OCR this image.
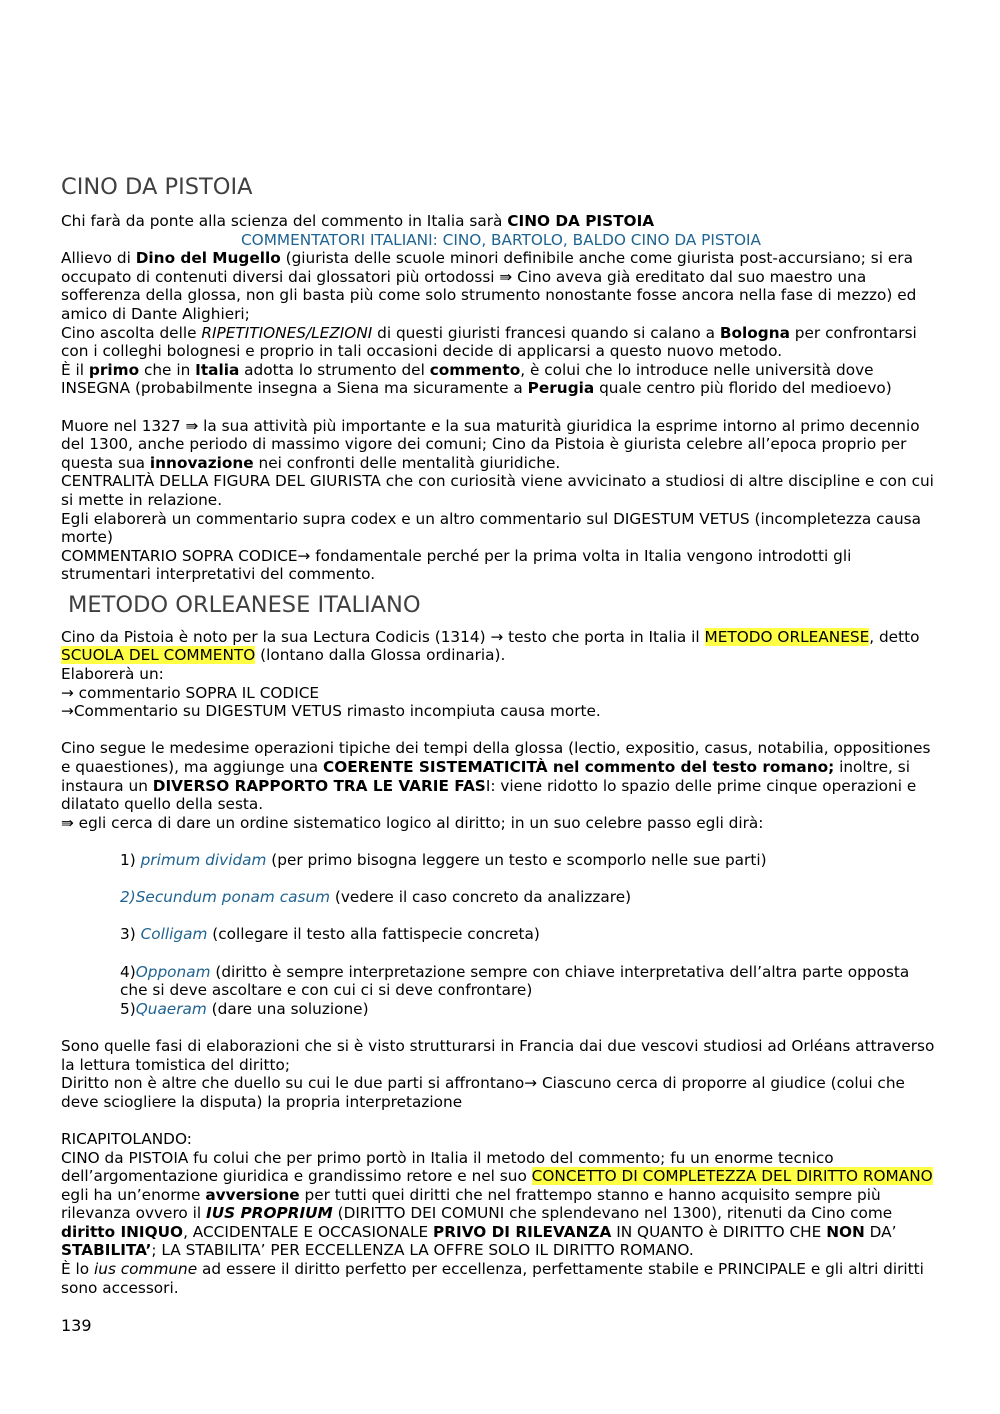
CINO DA PISTOIA

Chi farà da ponte alla scienza del commento in Italia sarà CINO DA PISTOIA

COMMENTATORI ITALIANI: CINO, BARTOLO, BALDO CINO DA PISTOIA

Allievo di Dino del Mugello (giurista delle scuole minori definibile anche come giurista post-accursiano; si era occupato di contenuti diversi dai glossatori più ortodossi ⇛ Cino aveva già ereditato dal suo maestro una sofferenza della glossa, non gli basta più come solo strumento nonostante fosse ancora nella fase di mezzo) ed amico di Dante Alighieri;

Cino ascolta delle RIPETITIONES/LEZIONI di questi giuristi francesi quando si calano a Bologna per confrontarsi con i colleghi bolognesi e proprio in tali occasioni decide di applicarsi a questo nuovo metodo.

È il primo che in Italia adotta lo strumento del commento, è colui che lo introduce nelle università dove INSEGNA (probabilmente insegna a Siena ma sicuramente a Perugia quale centro più florido del medioevo)

Muore nel 1327 ⇛ la sua attività più importante e la sua maturità giuridica la esprime intorno al primo decennio del 1300, anche periodo di massimo vigore dei comuni; Cino da Pistoia è giurista celebre all’epoca proprio per questa sua innovazione nei confronti delle mentalità giuridiche.

CENTRALITÀ DELLA FIGURA DEL GIURISTA che con curiosità viene avvicinato a studiosi di altre discipline e con cui si mette in relazione.

Egli elaborerà un commentario supra codex e un altro commentario sul DIGESTUM VETUS (incompletezza causa morte)

COMMENTARIO SOPRA CODICE→ fondamentale perché per la prima volta in Italia vengono introdotti gli strumentari interpretativi del commento.

METODO ORLEANESE ITALIANO

Cino da Pistoia è noto per la sua Lectura Codicis (1314) → testo che porta in Italia il METODO ORLEANESE, detto SCUOLA DEL COMMENTO (lontano dalla Glossa ordinaria).

Elaborerà un:

→ commentario SOPRA IL CODICE

→Commentario su DIGESTUM VETUS rimasto incompiuta causa morte.

Cino segue le medesime operazioni tipiche dei tempi della glossa (lectio, expositio, casus, notabilia, oppositiones e quaestiones), ma aggiunge una COERENTE SISTEMATICITÀ nel commento del testo romano; inoltre, si instaura un DIVERSO RAPPORTO TRA LE VARIE FASI: viene ridotto lo spazio delle prime cinque operazioni e dilatato quello della sesta.

⇛ egli cerca di dare un ordine sistematico logico al diritto; in un suo celebre passo egli dirà:

1) primum dividam (per primo bisogna leggere un testo e scomporlo nelle sue parti)

2)Secundum ponam casum (vedere il caso concreto da analizzare)

3) Colligam (collegare il testo alla fattispecie concreta)

4)Opponam (diritto è sempre interpretazione sempre con chiave interpretativa dell’altra parte opposta che si deve ascoltare e con cui ci si deve confrontare)

5)Quaeram (dare una soluzione)

Sono quelle fasi di elaborazioni che si è visto strutturarsi in Francia dai due vescovi studiosi ad Orléans attraverso la lettura tomistica del diritto;

Diritto non è altre che duello su cui le due parti si affrontano→ Ciascuno cerca di proporre al giudice (colui che deve sciogliere la disputa) la propria interpretazione

RICAPITOLANDO:

CINO da PISTOIA fu colui che per primo portò in Italia il metodo del commento; fu un enorme tecnico dell’argomentazione giuridica e grandissimo retore e nel suo CONCETTO DI COMPLETEZZA DEL DIRITTO ROMANO egli ha un’enorme avversione per tutti quei diritti che nel frattempo stanno e hanno acquisito sempre più rilevanza ovvero il IUS PROPRIUM (DIRITTO DEI COMUNI che splendevano nel 1300), ritenuti da Cino come diritto INIQUO, ACCIDENTALE E OCCASIONALE PRIVO DI RILEVANZA IN QUANTO è DIRITTO CHE NON DA’ STABILITA’; LA STABILITA’ PER ECCELLENZA LA OFFRE SOLO IL DIRITTO ROMANO.

È lo ius commune ad essere il diritto perfetto per eccellenza, perfettamente stabile e PRINCIPALE e gli altri diritti sono accessori.

139
